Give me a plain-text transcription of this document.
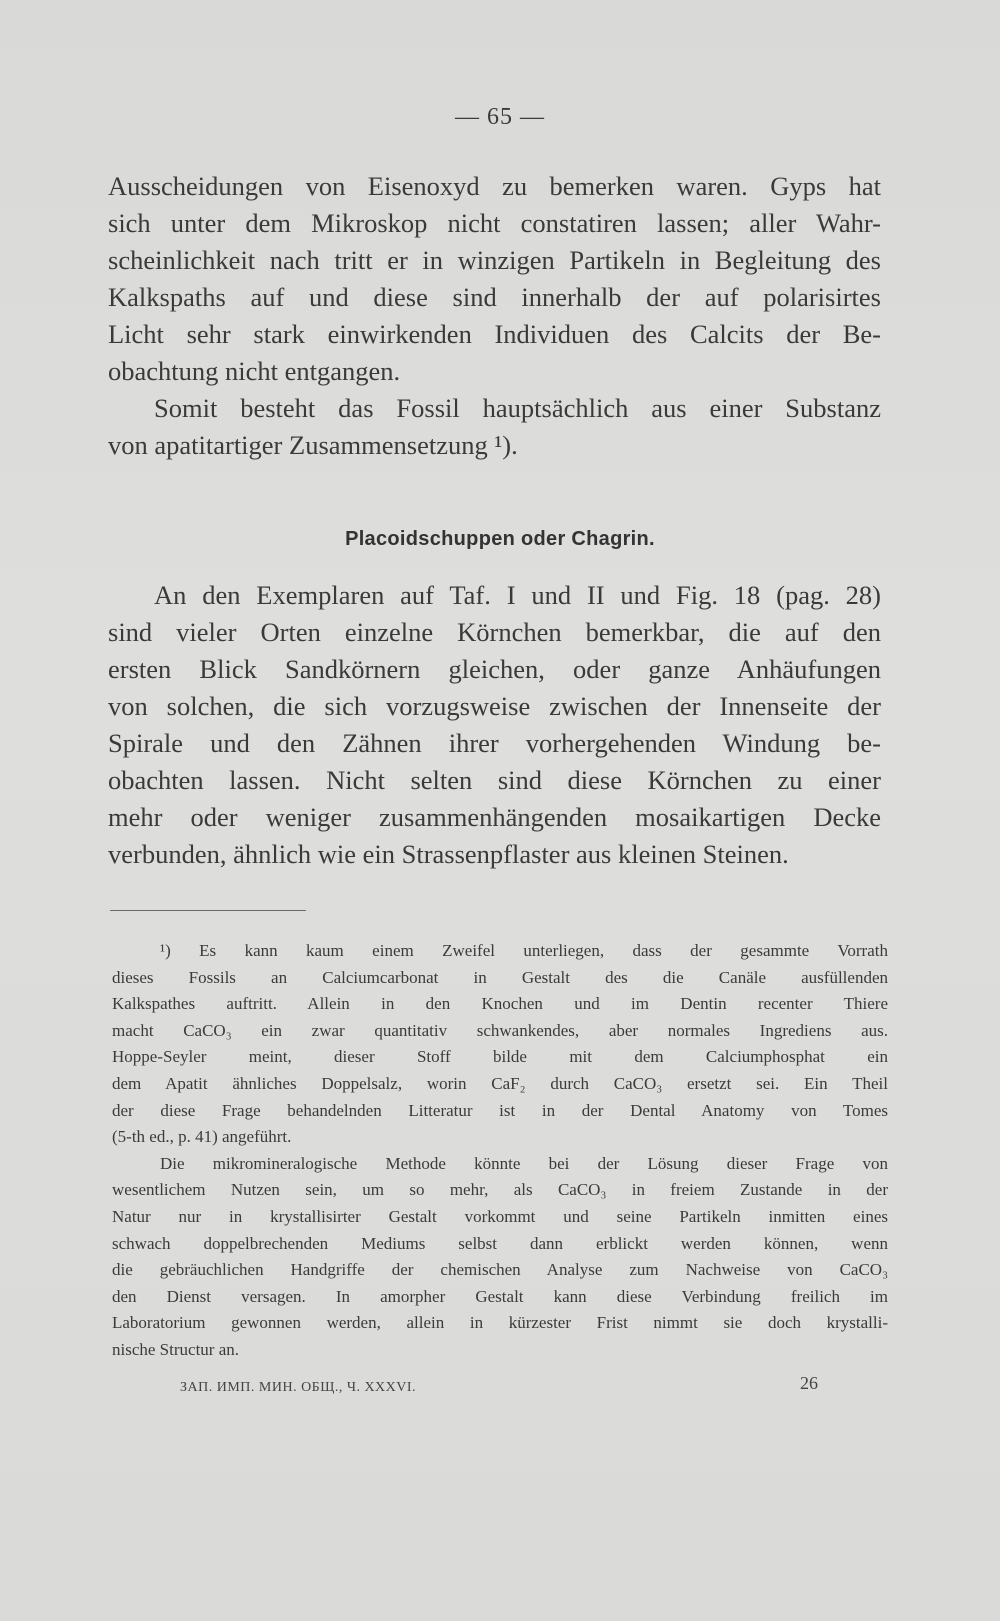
— 65 —
Ausscheidungen von Eisenoxyd zu bemerken waren. Gyps hat
sich unter dem Mikroskop nicht constatiren lassen; aller Wahr-
scheinlichkeit nach tritt er in winzigen Partikeln in Begleitung des
Kalkspaths auf und diese sind innerhalb der auf polarisirtes
Licht sehr stark einwirkenden Individuen des Calcits der Be-
obachtung nicht entgangen.
Somit besteht das Fossil hauptsächlich aus einer Substanz
von apatitartiger Zusammensetzung ¹).
Placoidschuppen oder Chagrin.
An den Exemplaren auf Taf. I und II und Fig. 18 (pag. 28)
sind vieler Orten einzelne Körnchen bemerkbar, die auf den
ersten Blick Sandkörnern gleichen, oder ganze Anhäufungen
von solchen, die sich vorzugsweise zwischen der Innenseite der
Spirale und den Zähnen ihrer vorhergehenden Windung be-
obachten lassen. Nicht selten sind diese Körnchen zu einer
mehr oder weniger zusammenhängenden mosaikartigen Decke
verbunden, ähnlich wie ein Strassenpflaster aus kleinen Steinen.
¹) Es kann kaum einem Zweifel unterliegen, dass der gesammte Vorrath
dieses Fossils an Calciumcarbonat in Gestalt des die Canäle ausfüllenden
Kalkspathes auftritt. Allein in den Knochen und im Dentin recenter Thiere
macht CaCO₃ ein zwar quantitativ schwankendes, aber normales Ingrediens aus.
Hoppe-Seyler meint, dieser Stoff bilde mit dem Calciumphosphat ein
dem Apatit ähnliches Doppelsalz, worin CaF₂ durch CaCO₃ ersetzt sei. Ein Theil
der diese Frage behandelnden Litteratur ist in der Dental Anatomy von Tomes
(5-th ed., p. 41) angeführt.
Die mikromineralogische Methode könnte bei der Lösung dieser Frage von
wesentlichem Nutzen sein, um so mehr, als CaCO₃ in freiem Zustande in der
Natur nur in krystallisirter Gestalt vorkommt und seine Partikeln inmitten eines
schwach doppelbrechenden Mediums selbst dann erblickt werden können, wenn
die gebräuchlichen Handgriffe der chemischen Analyse zum Nachweise von CaCO₃
den Dienst versagen. In amorpher Gestalt kann diese Verbindung freilich im
Laboratorium gewonnen werden, allein in kürzester Frist nimmt sie doch krystalli-
nische Structur an.
ЗАП. ИМП. МИН. ОБЩ., Ч. XXXVI.	26
